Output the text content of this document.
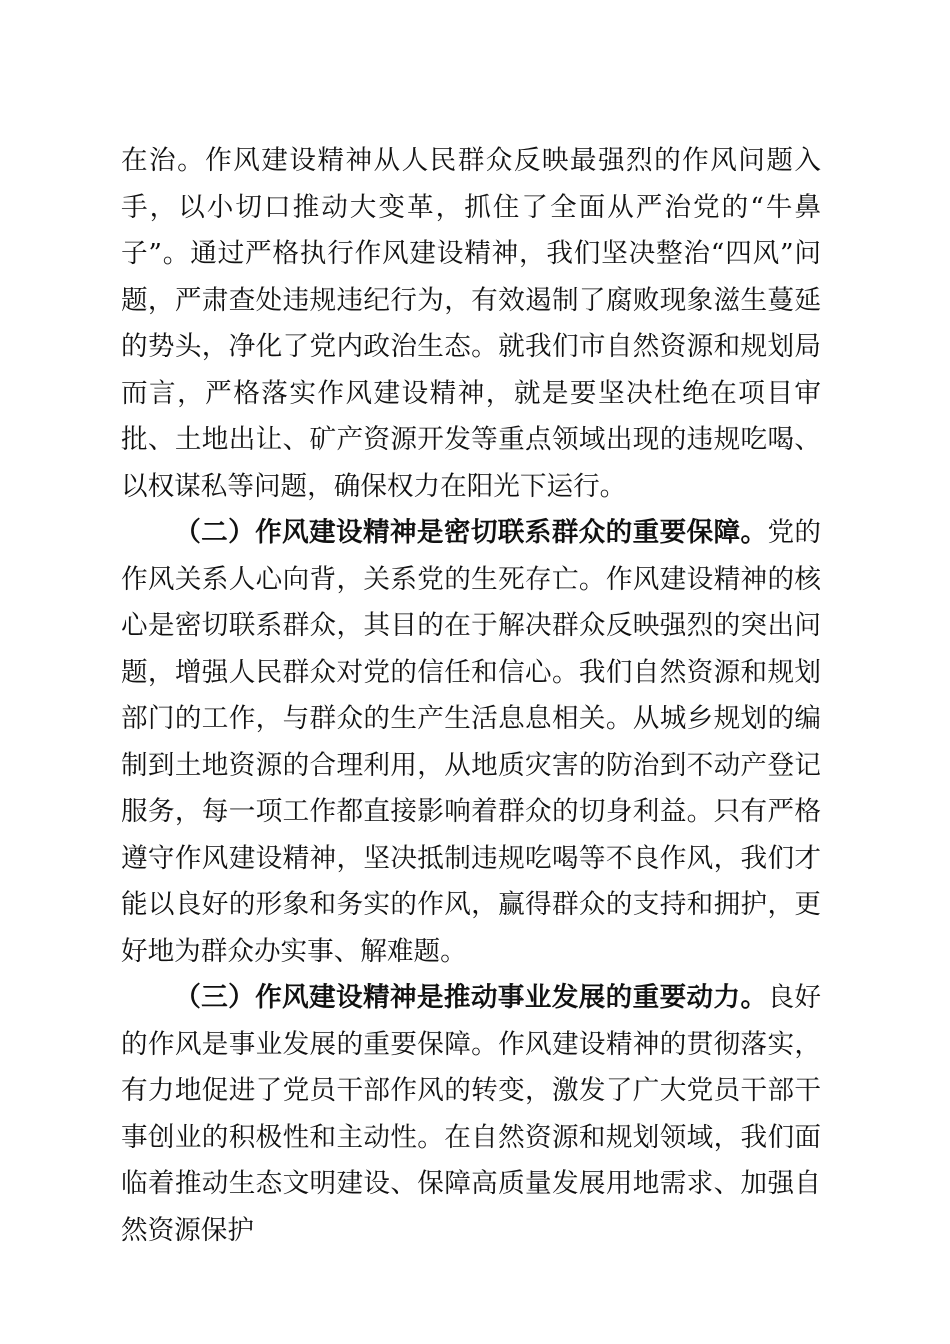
在治。作风建设精神从人民群众反映最强烈的作风问题入手，以小切口推动大变革，抓住了全面从严治党的“牛鼻子”。通过严格执行作风建设精神，我们坚决整治“四风”问题，严肃查处违规违纪行为，有效遏制了腐败现象滋生蔓延的势头，净化了党内政治生态。就我们市自然资源和规划局而言，严格落实作风建设精神，就是要坚决杜绝在项目审批、土地出让、矿产资源开发等重点领域出现的违规吃喝、以权谋私等问题，确保权力在阳光下运行。

（二）作风建设精神是密切联系群众的重要保障。党的作风关系人心向背，关系党的生死存亡。作风建设精神的核心是密切联系群众，其目的在于解决群众反映强烈的突出问题，增强人民群众对党的信任和信心。我们自然资源和规划部门的工作，与群众的生产生活息息相关。从城乡规划的编制到土地资源的合理利用，从地质灾害的防治到不动产登记服务，每一项工作都直接影响着群众的切身利益。只有严格遵守作风建设精神，坚决抵制违规吃喝等不良作风，我们才能以良好的形象和务实的作风，赢得群众的支持和拥护，更好地为群众办实事、解难题。

（三）作风建设精神是推动事业发展的重要动力。良好的作风是事业发展的重要保障。作风建设精神的贯彻落实，有力地促进了党员干部作风的转变，激发了广大党员干部干事创业的积极性和主动性。在自然资源和规划领域，我们面临着推动生态文明建设、保障高质量发展用地需求、加强自然资源保护
